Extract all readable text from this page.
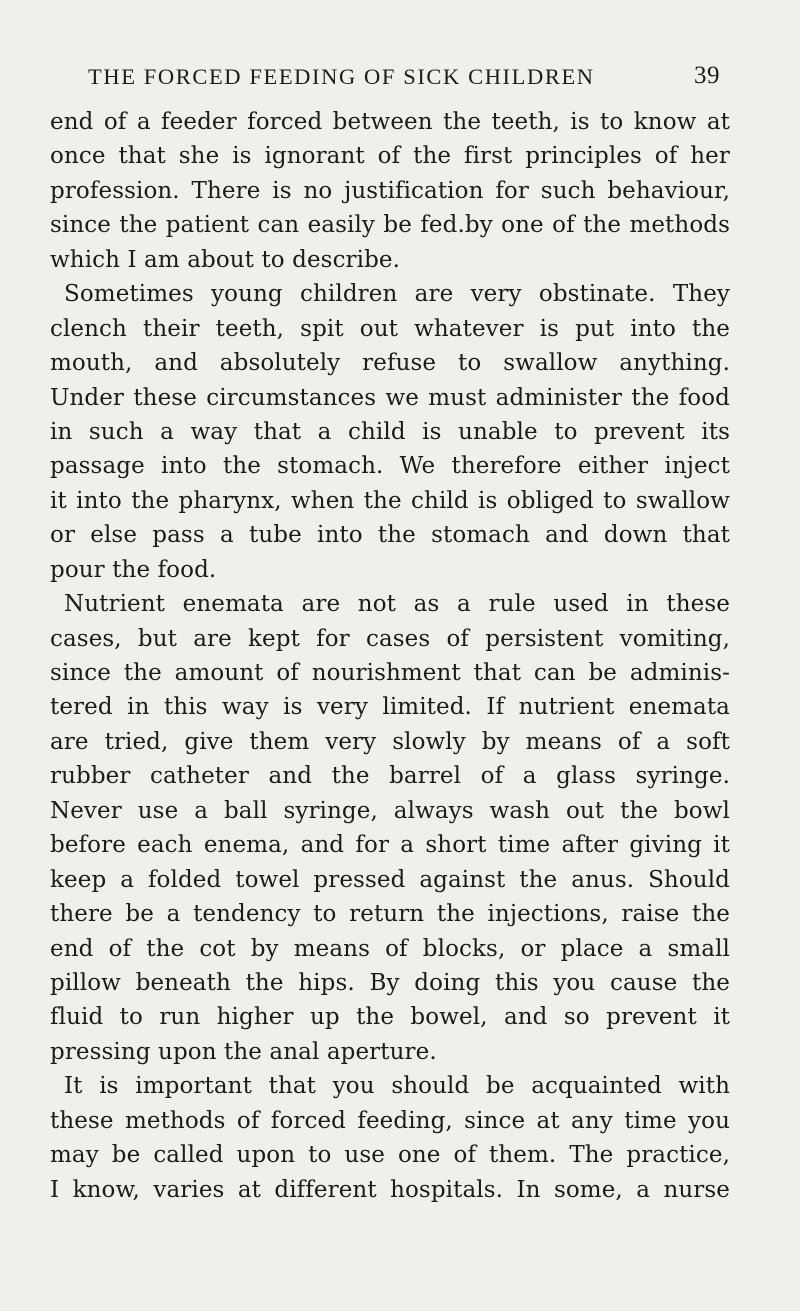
THE FORCED FEEDING OF SICK CHILDREN	39
end of a feeder forced between the teeth, is to know at
once that she is ignorant of the first principles of her
profession. There is no justification for such behaviour,
since the patient can easily be fed.by one of the methods
which I am about to describe.
Sometimes young children are very obstinate. They
clench their teeth, spit out whatever is put into the
mouth, and absolutely refuse to swallow anything.
Under these circumstances we must administer the food
in such a way that a child is unable to prevent its
passage into the stomach. We therefore either inject
it into the pharynx, when the child is obliged to swallow
or else pass a tube into the stomach and down that
pour the food.
Nutrient enemata are not as a rule used in these
cases, but are kept for cases of persistent vomiting,
since the amount of nourishment that can be adminis-
tered in this way is very limited. If nutrient enemata
are tried, give them very slowly by means of a soft
rubber catheter and the barrel of a glass syringe.
Never use a ball syringe, always wash out the bowl
before each enema, and for a short time after giving it
keep a folded towel pressed against the anus. Should
there be a tendency to return the injections, raise the
end of the cot by means of blocks, or place a small
pillow beneath the hips. By doing this you cause the
fluid to run higher up the bowel, and so prevent it
pressing upon the anal aperture.
It is important that you should be acquainted with
these methods of forced feeding, since at any time you
may be called upon to use one of them. The practice,
I know, varies at different hospitals. In some, a nurse
